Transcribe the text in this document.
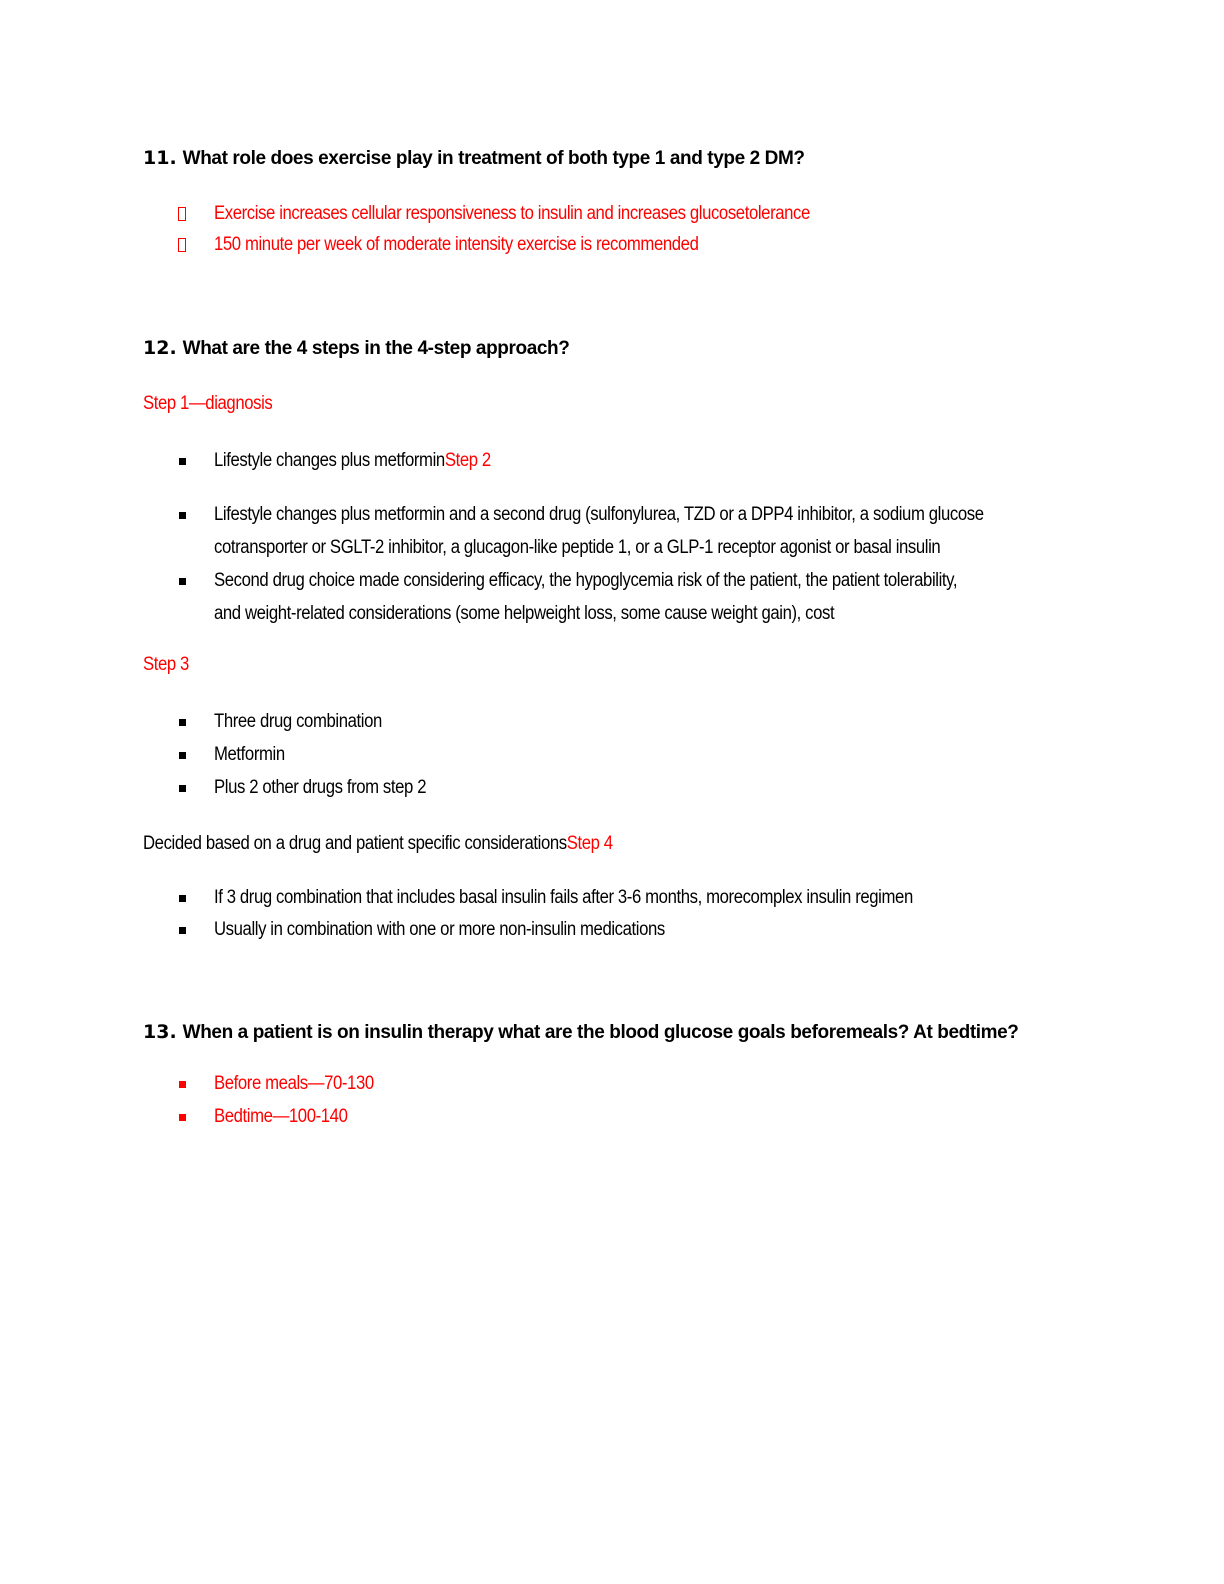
11. What role does exercise play in treatment of both type 1 and type 2 DM?
Exercise increases cellular responsiveness to insulin and increases glucosetolerance
150 minute per week of moderate intensity exercise is recommended
12. What are the 4 steps in the 4-step approach?
Step 1—diagnosis
Lifestyle changes plus metforminStep 2
Lifestyle changes plus metformin and a second drug (sulfonylurea, TZD or a DPP4 inhibitor, a sodium glucose
cotransporter or SGLT-2 inhibitor, a glucagon-like peptide 1, or a GLP-1 receptor agonist or basal insulin
Second drug choice made considering efficacy, the hypoglycemia risk of the patient, the patient tolerability,
and weight-related considerations (some helpweight loss, some cause weight gain), cost
Step 3
Three drug combination
Metformin
Plus 2 other drugs from step 2
Decided based on a drug and patient specific considerationsStep 4
If 3 drug combination that includes basal insulin fails after 3-6 months, morecomplex insulin regimen
Usually in combination with one or more non-insulin medications
13. When a patient is on insulin therapy what are the blood glucose goals beforemeals? At bedtime?
Before meals—70-130
Bedtime—100-140
